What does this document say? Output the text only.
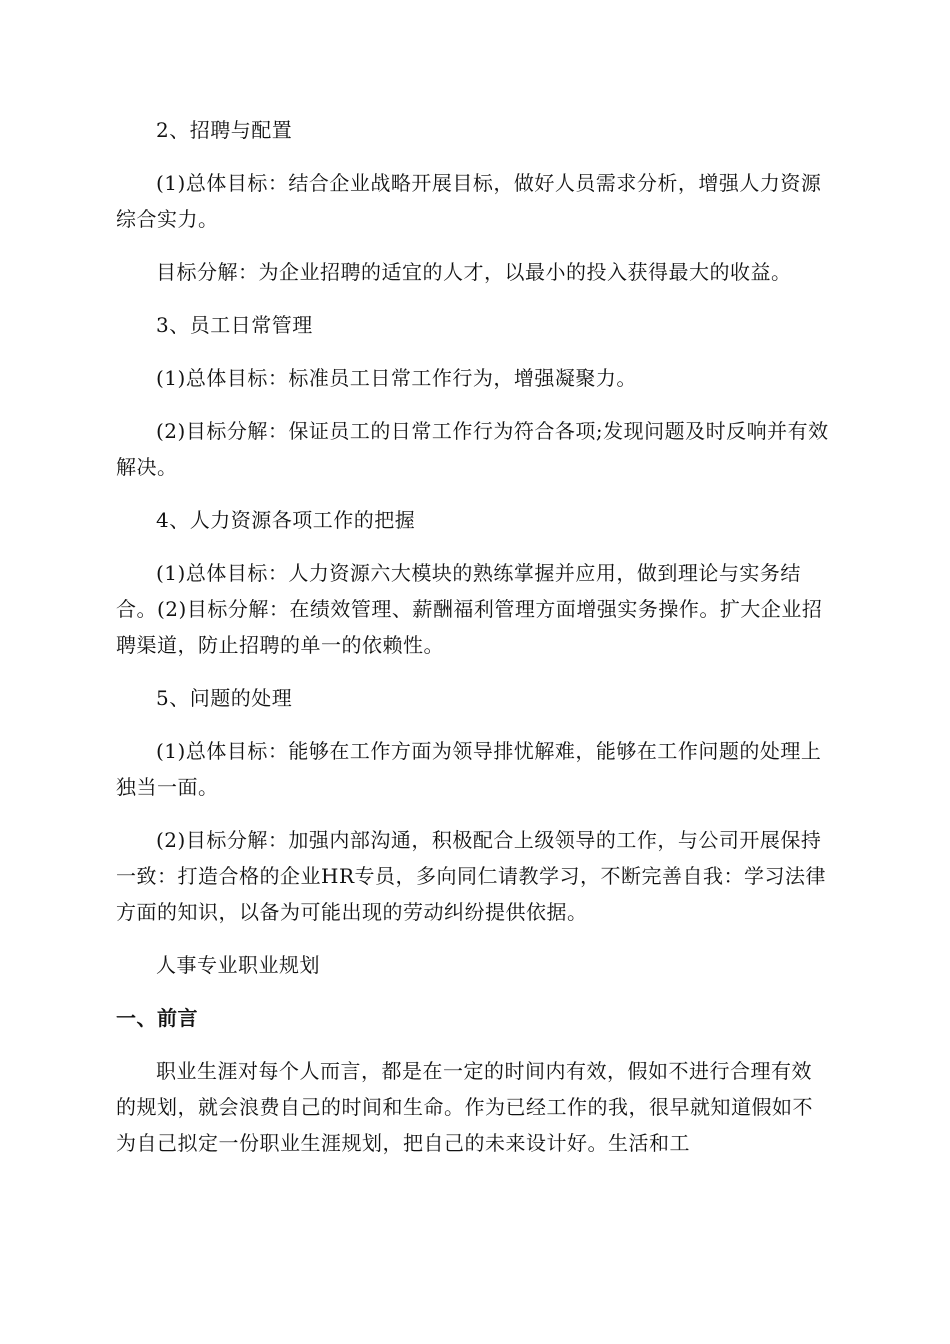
2、招聘与配置

(1)总体目标：结合企业战略开展目标，做好人员需求分析，增强人力资源综合实力。

目标分解：为企业招聘的适宜的人才，以最小的投入获得最大的收益。

3、员工日常管理

(1)总体目标：标准员工日常工作行为，增强凝聚力。

(2)目标分解：保证员工的日常工作行为符合各项;发现问题及时反响并有效解决。

4、人力资源各项工作的把握

(1)总体目标：人力资源六大模块的熟练掌握并应用，做到理论与实务结合。(2)目标分解：在绩效管理、薪酬福利管理方面增强实务操作。扩大企业招聘渠道，防止招聘的单一的依赖性。

5、问题的处理

(1)总体目标：能够在工作方面为领导排忧解难，能够在工作问题的处理上独当一面。

(2)目标分解：加强内部沟通，积极配合上级领导的工作，与公司开展保持一致：打造合格的企业HR专员，多向同仁请教学习，不断完善自我：学习法律方面的知识，以备为可能出现的劳动纠纷提供依据。

人事专业职业规划

一、前言

职业生涯对每个人而言，都是在一定的时间内有效，假如不进行合理有效的规划，就会浪费自己的时间和生命。作为已经工作的我，很早就知道假如不为自己拟定一份职业生涯规划，把自己的未来设计好。生活和工
